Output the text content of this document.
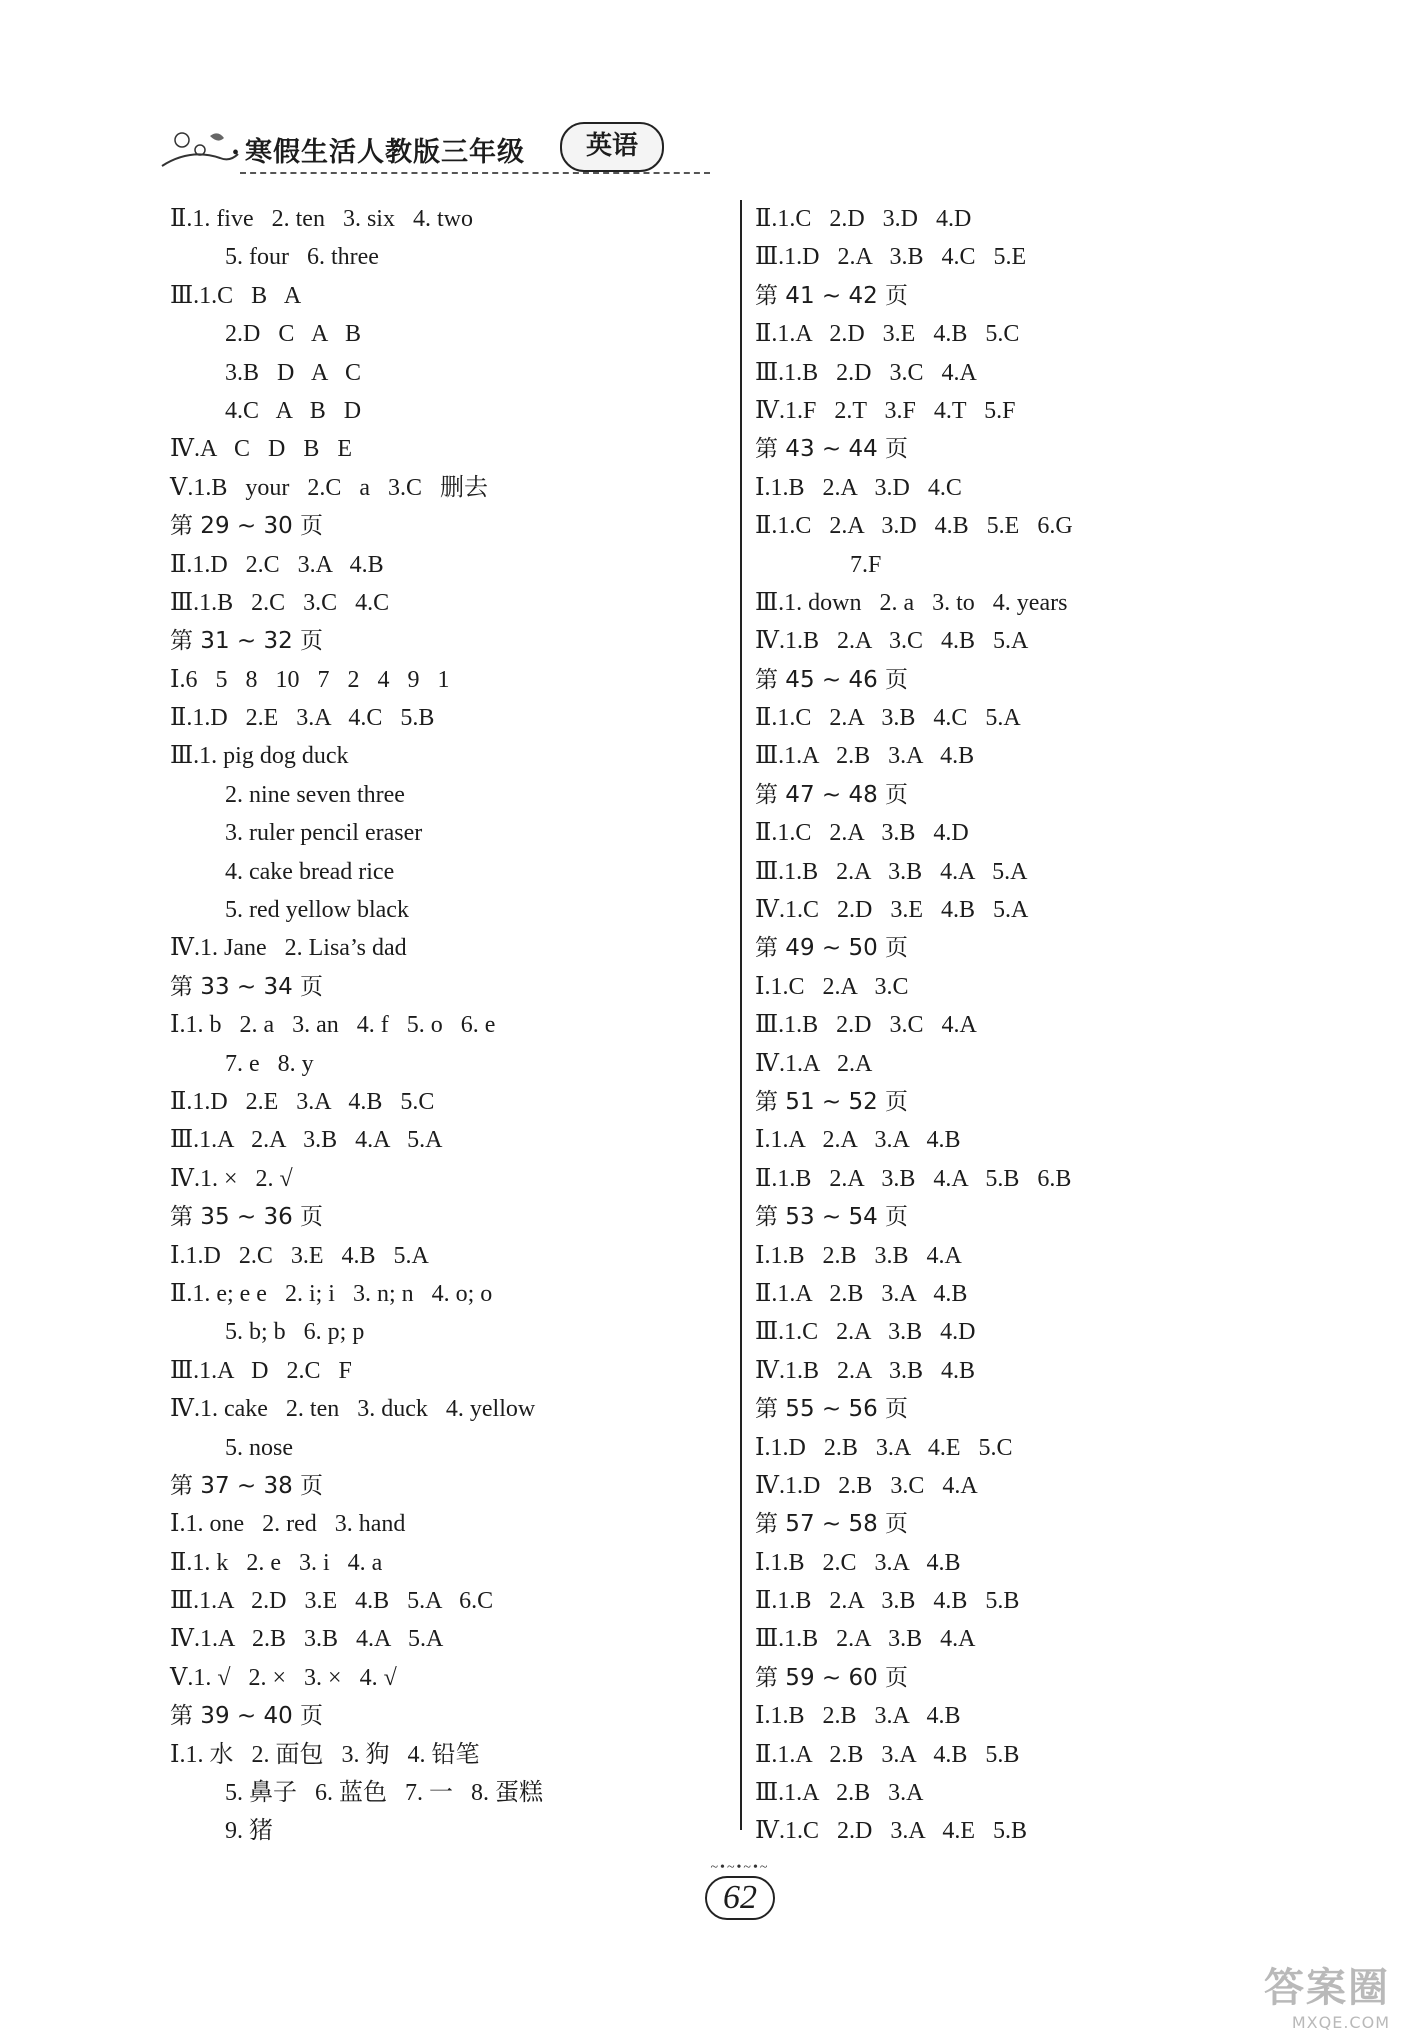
• 寒假生活人教版三年级	英语
Ⅱ.1. five   2. ten   3. six   4. two
5. four   6. three
Ⅲ.1.C   B   A
2.D   C   A   B
3.B   D   A   C
4.C   A   B   D
Ⅳ.A   C   D   B   E
Ⅴ.1.B   your   2.C   a   3.C   删去
第 29 ~ 30 页
Ⅱ.1.D   2.C   3.A   4.B
Ⅲ.1.B   2.C   3.C   4.C
第 31 ~ 32 页
Ⅰ.6   5   8   10   7   2   4   9   1
Ⅱ.1.D   2.E   3.A   4.C   5.B
Ⅲ.1. pig dog duck
2. nine seven three
3. ruler pencil eraser
4. cake bread rice
5. red yellow black
Ⅳ.1. Jane   2. Lisa’s dad
第 33 ~ 34 页
Ⅰ.1. b   2. a   3. an   4. f   5. o   6. e
7. e   8. y
Ⅱ.1.D   2.E   3.A   4.B   5.C
Ⅲ.1.A   2.A   3.B   4.A   5.A
Ⅳ.1. ×   2. √
第 35 ~ 36 页
Ⅰ.1.D   2.C   3.E   4.B   5.A
Ⅱ.1. e; e e   2. i; i   3. n; n   4. o; o
5. b; b   6. p; p
Ⅲ.1.A   D   2.C   F
Ⅳ.1. cake   2. ten   3. duck   4. yellow
5. nose
第 37 ~ 38 页
Ⅰ.1. one   2. red   3. hand
Ⅱ.1. k   2. e   3. i   4. a
Ⅲ.1.A   2.D   3.E   4.B   5.A   6.C
Ⅳ.1.A   2.B   3.B   4.A   5.A
Ⅴ.1. √   2. ×   3. ×   4. √
第 39 ~ 40 页
Ⅰ.1. 水   2. 面包   3. 狗   4. 铅笔
5. 鼻子   6. 蓝色   7. 一   8. 蛋糕
9. 猪
Ⅱ.1.C   2.D   3.D   4.D
Ⅲ.1.D   2.A   3.B   4.C   5.E
第 41 ~ 42 页
Ⅱ.1.A   2.D   3.E   4.B   5.C
Ⅲ.1.B   2.D   3.C   4.A
Ⅳ.1.F   2.T   3.F   4.T   5.F
第 43 ~ 44 页
Ⅰ.1.B   2.A   3.D   4.C
Ⅱ.1.C   2.A   3.D   4.B   5.E   6.G
7.F
Ⅲ.1. down   2. a   3. to   4. years
Ⅳ.1.B   2.A   3.C   4.B   5.A
第 45 ~ 46 页
Ⅱ.1.C   2.A   3.B   4.C   5.A
Ⅲ.1.A   2.B   3.A   4.B
第 47 ~ 48 页
Ⅱ.1.C   2.A   3.B   4.D
Ⅲ.1.B   2.A   3.B   4.A   5.A
Ⅳ.1.C   2.D   3.E   4.B   5.A
第 49 ~ 50 页
Ⅰ.1.C   2.A   3.C
Ⅲ.1.B   2.D   3.C   4.A
Ⅳ.1.A   2.A
第 51 ~ 52 页
Ⅰ.1.A   2.A   3.A   4.B
Ⅱ.1.B   2.A   3.B   4.A   5.B   6.B
第 53 ~ 54 页
Ⅰ.1.B   2.B   3.B   4.A
Ⅱ.1.A   2.B   3.A   4.B
Ⅲ.1.C   2.A   3.B   4.D
Ⅳ.1.B   2.A   3.B   4.B
第 55 ~ 56 页
Ⅰ.1.D   2.B   3.A   4.E   5.C
Ⅳ.1.D   2.B   3.C   4.A
第 57 ~ 58 页
Ⅰ.1.B   2.C   3.A   4.B
Ⅱ.1.B   2.A   3.B   4.B   5.B
Ⅲ.1.B   2.A   3.B   4.A
第 59 ~ 60 页
Ⅰ.1.B   2.B   3.A   4.B
Ⅱ.1.A   2.B   3.A   4.B   5.B
Ⅲ.1.A   2.B   3.A
Ⅳ.1.C   2.D   3.A   4.E   5.B
~•~•~•~
62
答案圈
MXQE.COM
